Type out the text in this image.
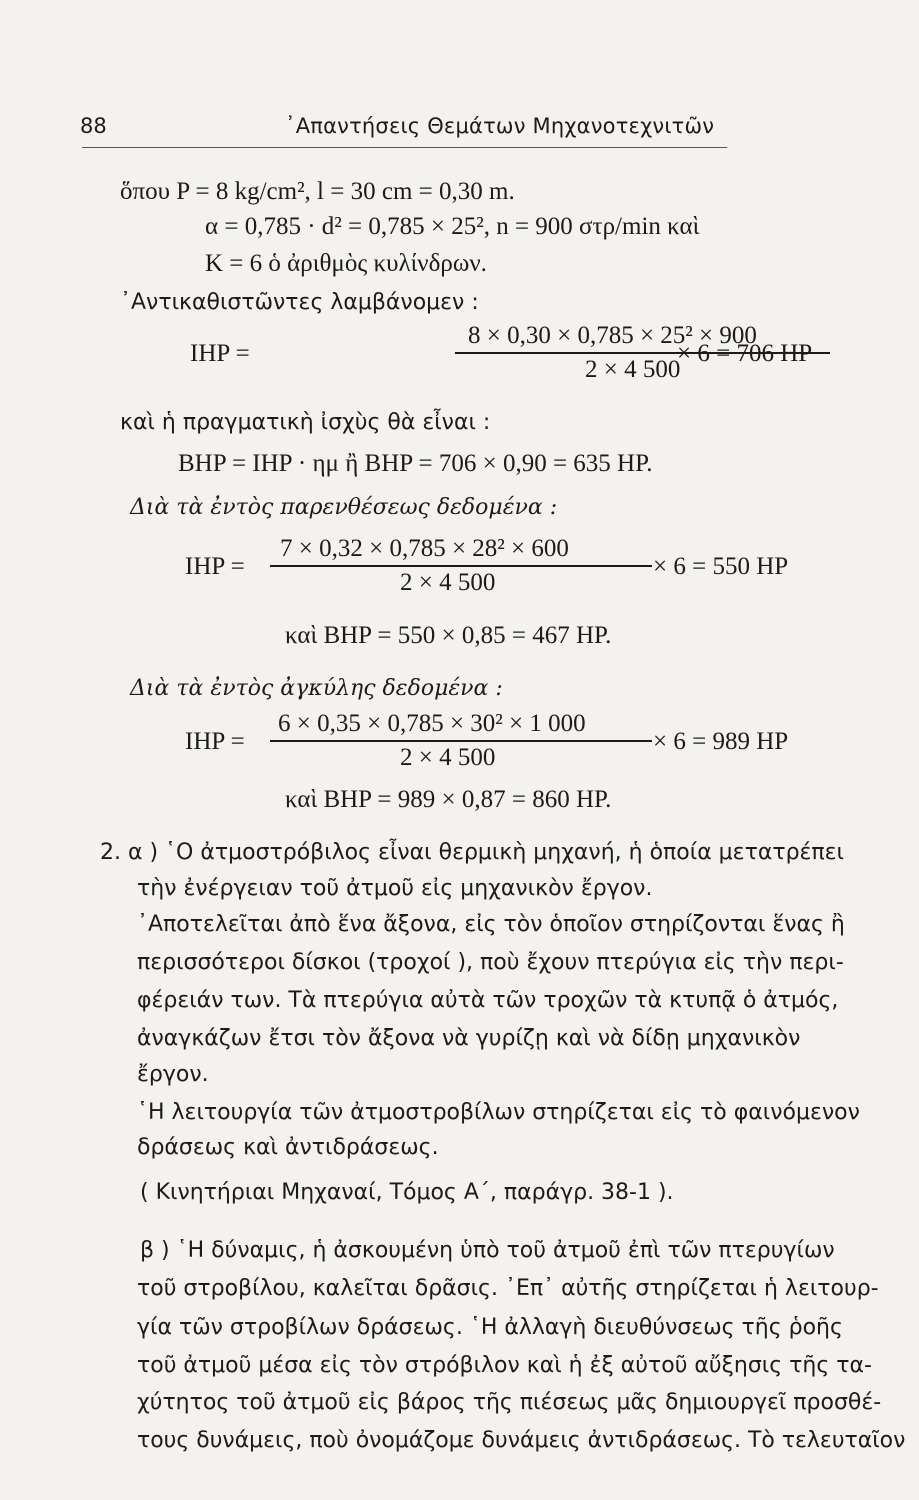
88	᾿Απαντήσεις Θεμάτων Μηχανοτεχνιτῶν
ὅπου P = 8 kg/cm², l = 30 cm = 0,30 m.
α = 0,785 · d² = 0,785 × 25², n = 900 στρ/min καὶ
K = 6 ὁ ἀριθμὸς κυλίνδρων.
᾿Αντικαθιστῶντες λαμβάνομεν :
IHP =
8 × 0,30 × 0,785 × 25² × 900
2 × 4 500
× 6 = 706 HP
καὶ ἡ πραγματικὴ ἰσχὺς θὰ εἶναι :
BHP = IHP · ημ ἢ BHP = 706 × 0,90 = 635 HP.
Διὰ τὰ ἐντὸς παρενθέσεως δεδομένα :
IHP =
7 × 0,32 × 0,785 × 28² × 600
2 × 4 500
× 6 = 550 HP
καὶ BHP = 550 × 0,85 = 467 HP.
Διὰ τὰ ἐντὸς ἀγκύλης δεδομένα :
IHP =
6 × 0,35 × 0,785 × 30² × 1 000
2 × 4 500
× 6 = 989 HP
καὶ BHP = 989 × 0,87 = 860 HP.
2. α ) ῾Ο ἀτμοστρόβιλος εἶναι θερμικὴ μηχανή, ἡ ὁποία μετατρέπει
τὴν ἐνέργειαν τοῦ ἀτμοῦ εἰς μηχανικὸν ἔργον.
᾿Αποτελεῖται ἀπὸ ἕνα ἄξονα, εἰς τὸν ὁποῖον στηρίζονται ἕνας ἢ
περισσότεροι δίσκοι (τροχοί ), ποὺ ἔχουν πτερύγια εἰς τὴν περι-
φέρειάν των. Τὰ πτερύγια αὐτὰ τῶν τροχῶν τὰ κτυπᾷ ὁ ἀτμός,
ἀναγκάζων ἔτσι τὸν ἄξονα νὰ γυρίζῃ καὶ νὰ δίδῃ μηχανικὸν
ἔργον.
῾Η λειτουργία τῶν ἀτμοστροβίλων στηρίζεται εἰς τὸ φαινόμενον
δράσεως καὶ ἀντιδράσεως.
( Κινητήριαι Μηχαναί, Τόμος Α΄, παράγρ. 38-1 ).
β ) ῾Η δύναμις, ἡ ἀσκουμένη ὑπὸ τοῦ ἀτμοῦ ἐπὶ τῶν πτερυγίων
τοῦ στροβίλου, καλεῖται δρᾶσις. ᾿Επ᾿ αὐτῆς στηρίζεται ἡ λειτουρ-
γία τῶν στροβίλων δράσεως. ῾Η ἀλλαγὴ διευθύνσεως τῆς ῥοῆς
τοῦ ἀτμοῦ μέσα εἰς τὸν στρόβιλον καὶ ἡ ἐξ αὐτοῦ αὔξησις τῆς τα-
χύτητος τοῦ ἀτμοῦ εἰς βάρος τῆς πιέσεως μᾶς δημιουργεῖ προσθέ-
τους δυνάμεις, ποὺ ὀνομάζομε δυνάμεις ἀντιδράσεως. Τὸ τελευταῖον
